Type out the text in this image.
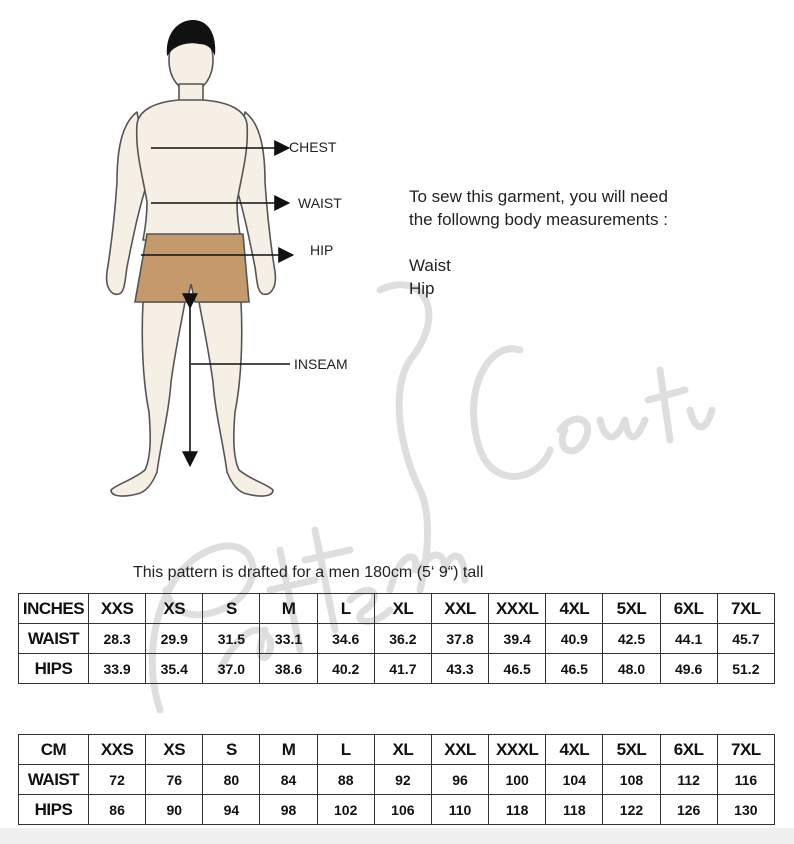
CHEST
WAIST
HIP
INSEAM
To sew this garment, you will need
the followng body measurements :
Waist
Hip
This pattern is drafted for a men 180cm (5‘ 9“) tall
INCHES	XXS	XS	S	M	L	XL	XXL	XXXL	4XL	5XL	6XL	7XL
WAIST	28.3	29.9	31.5	33.1	34.6	36.2	37.8	39.4	40.9	42.5	44.1	45.7
HIPS	33.9	35.4	37.0	38.6	40.2	41.7	43.3	46.5	46.5	48.0	49.6	51.2
CM	XXS	XS	S	M	L	XL	XXL	XXXL	4XL	5XL	6XL	7XL
WAIST	72	76	80	84	88	92	96	100	104	108	112	116
HIPS	86	90	94	98	102	106	110	118	118	122	126	130
